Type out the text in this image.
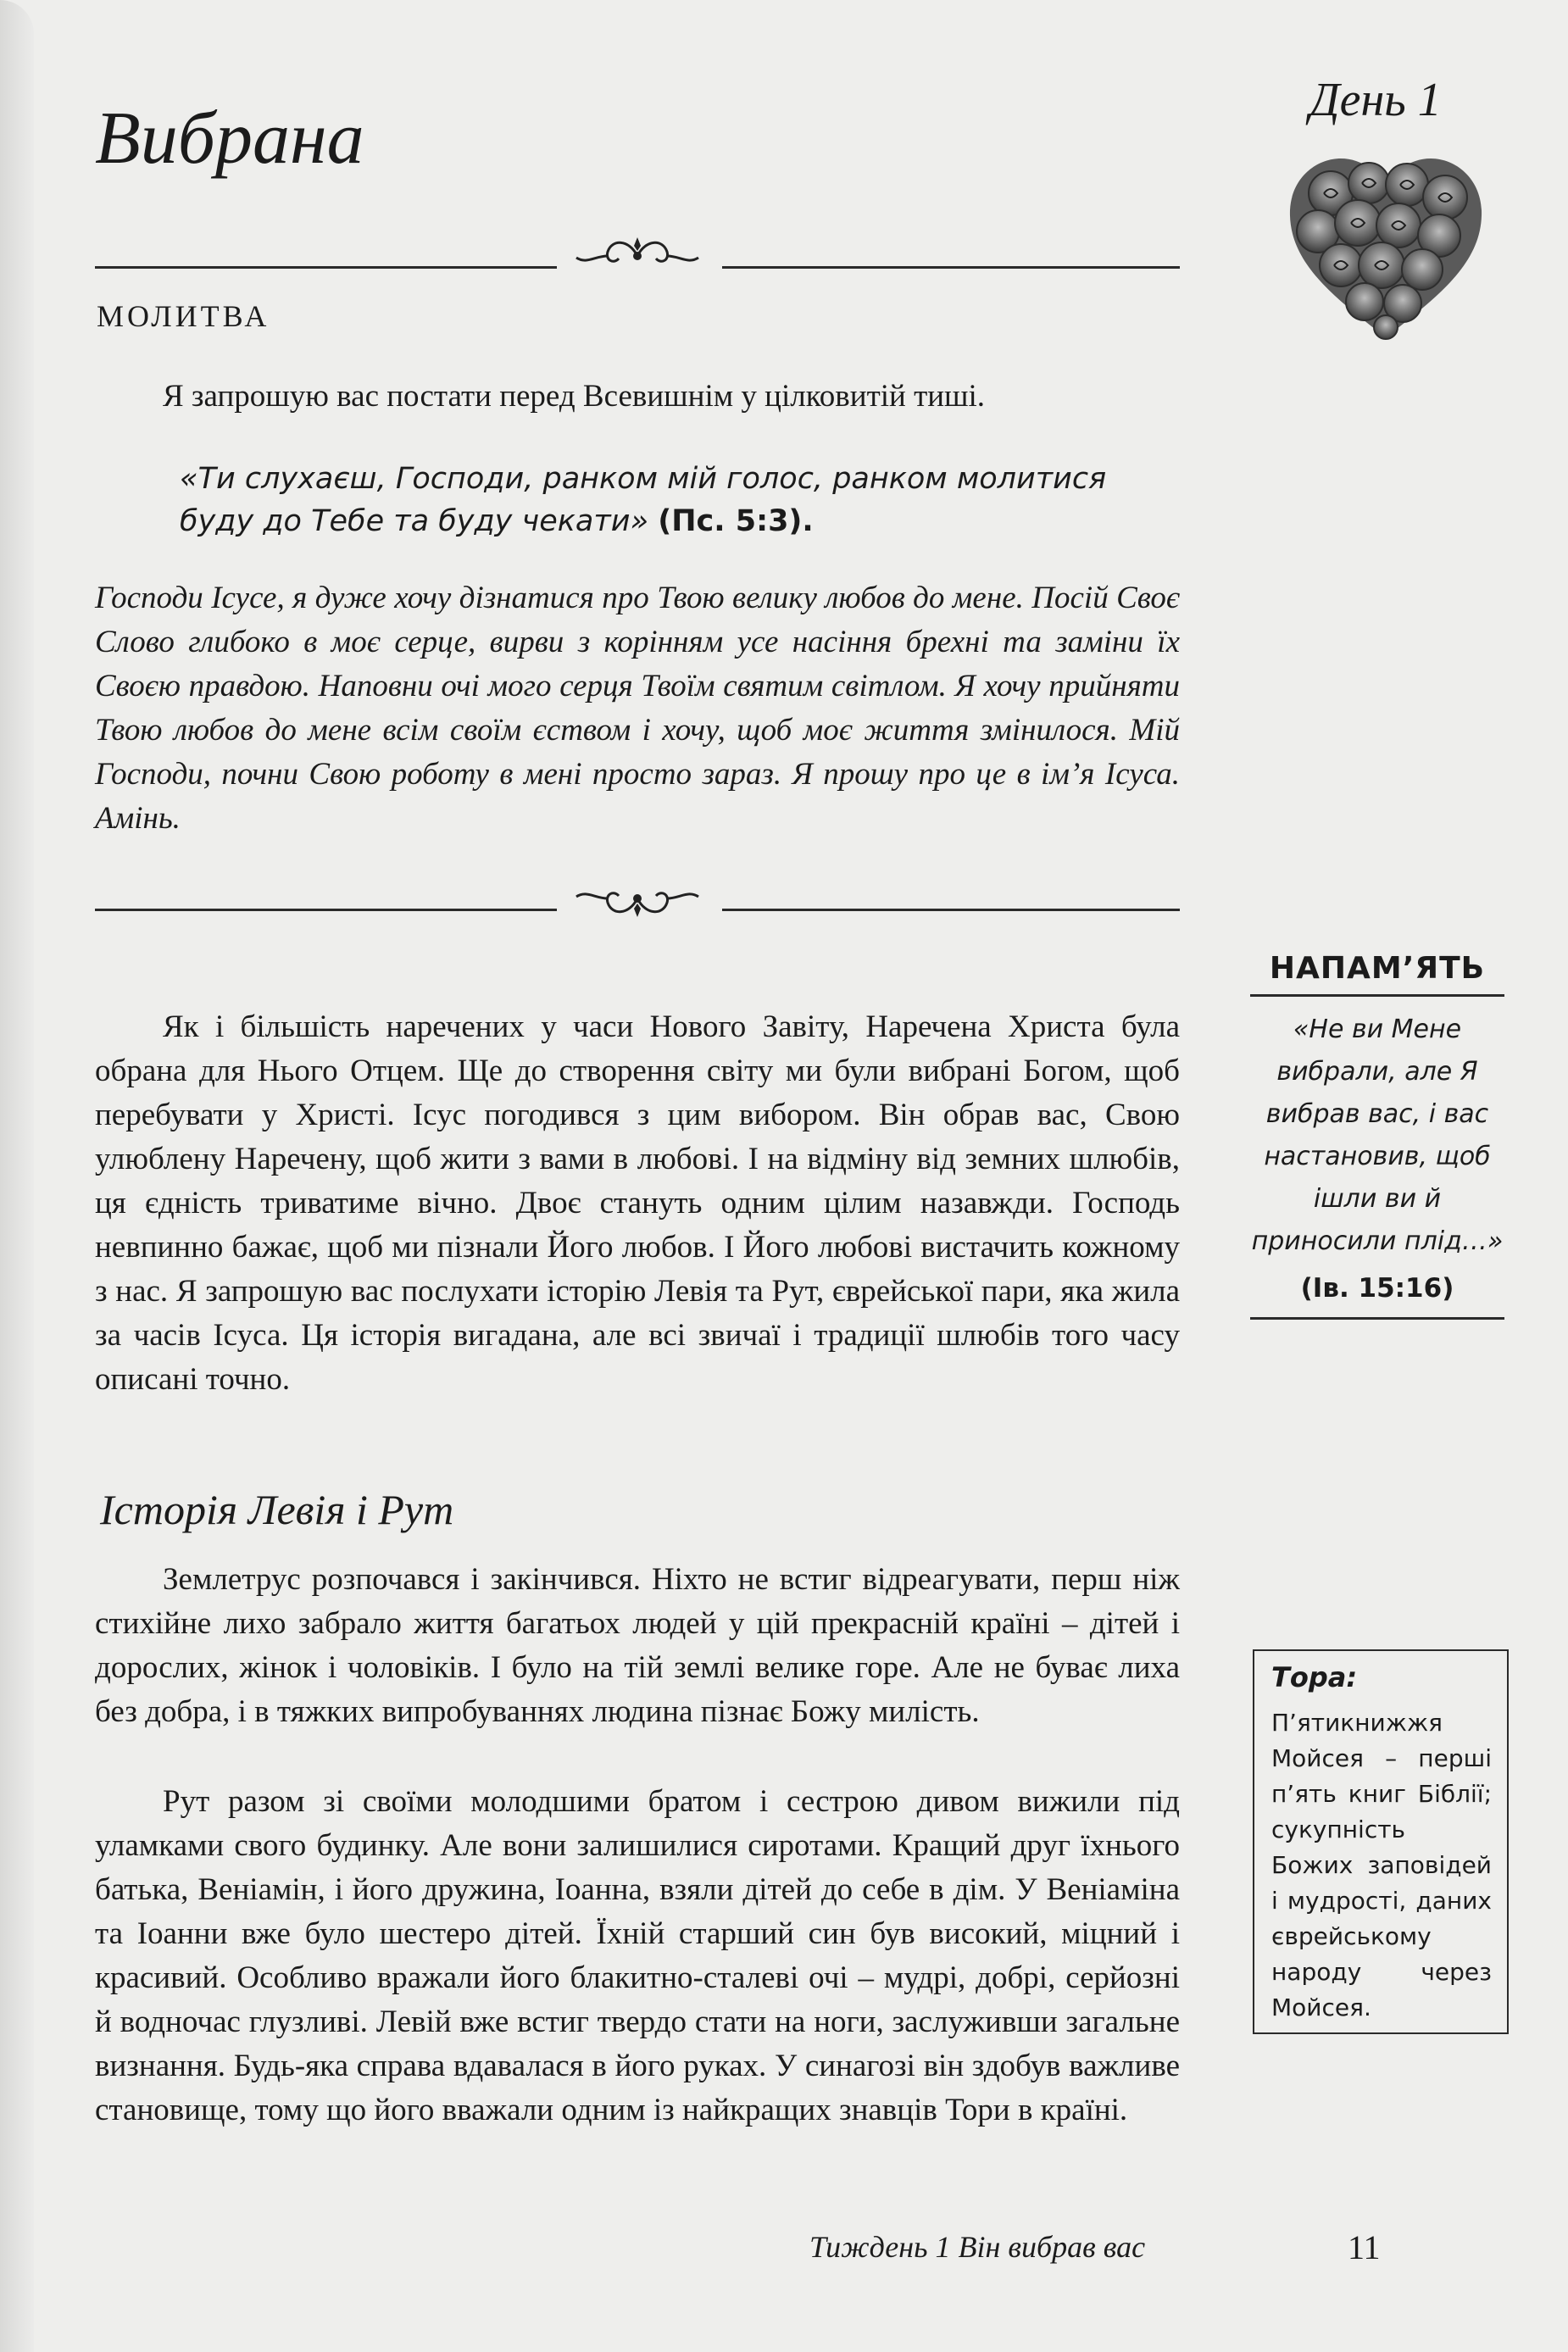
Вибрана	День 1
МОЛИТВА
Я запрошую вас постати перед Всевишнім у цілковитій тиші.
«Ти слухаєш, Господи, ранком мій голос, ранком молитися буду до Тебе та буду чекати» (Пс. 5:3).
Господи Ісусе, я дуже хочу дізнатися про Твою велику любов до мене. Посій Своє Слово глибоко в моє серце, вирви з корінням усе насіння брехні та заміни їх Своєю правдою. Наповни очі мого серця Твоїм святим світлом. Я хочу прийняти Твою любов до мене всім своїм єством і хочу, щоб моє життя змінилося. Мій Господи, почни Свою роботу в мені просто зараз. Я прошу про це в ім’я Ісуса. Амінь.

Як і більшість наречених у часи Нового Завіту, Наречена Христа була обрана для Нього Отцем. Ще до створення світу ми були вибрані Богом, щоб перебувати у Христі. Ісус погодився з цим вибором. Він обрав вас, Свою улюблену Наречену, щоб жити з вами в любові. І на відміну від земних шлюбів, ця єдність триватиме вічно. Двоє стануть одним цілим назавжди. Господь невпинно бажає, щоб ми пізнали Його любов. І Його любові вистачить кожному з нас. Я запрошую вас послухати історію Левія та Рут, єврейської пари, яка жила за часів Ісуса. Ця історія вигадана, але всі звичаї і традиції шлюбів того часу описані точно.

Історія Левія і Рут

Землетрус розпочався і закінчився. Ніхто не встиг відреагувати, перш ніж стихійне лихо забрало життя багатьох людей у цій прекрасній країні – дітей і дорослих, жінок і чоловіків. І було на тій землі велике горе. Але не буває лиха без добра, і в тяжких випробуваннях людина пізнає Божу милість.

Рут разом зі своїми молодшими братом і сестрою дивом вижили під уламками свого будинку. Але вони залишилися сиротами. Кращий друг їхнього батька, Веніамін, і його дружина, Іоанна, взяли дітей до себе в дім. У Веніаміна та Іоанни вже було шестеро дітей. Їхній старший син був високий, міцний і красивий. Особливо вражали його блакитно-сталеві очі – мудрі, добрі, серйозні й водночас глузливі. Левій вже встиг твердо стати на ноги, заслуживши загальне визнання. Будь-яка справа вдавалася в його руках. У синагозі він здобув важливе становище, тому що його вважали одним із найкращих знавців Тори в країні.

НАПАМ’ЯТЬ
«Не ви Мене вибрали, але Я вибрав вас, і вас настановив, щоб ішли ви й приносили плід…»
(Ів. 15:16)
Тора:
П’ятикнижжя Мойсея – перші п’ять книг Біблії; сукупність Божих заповідей і мудрості, даних єврейському народу через Мойсея.
Тиждень 1 Він вибрав вас	11
